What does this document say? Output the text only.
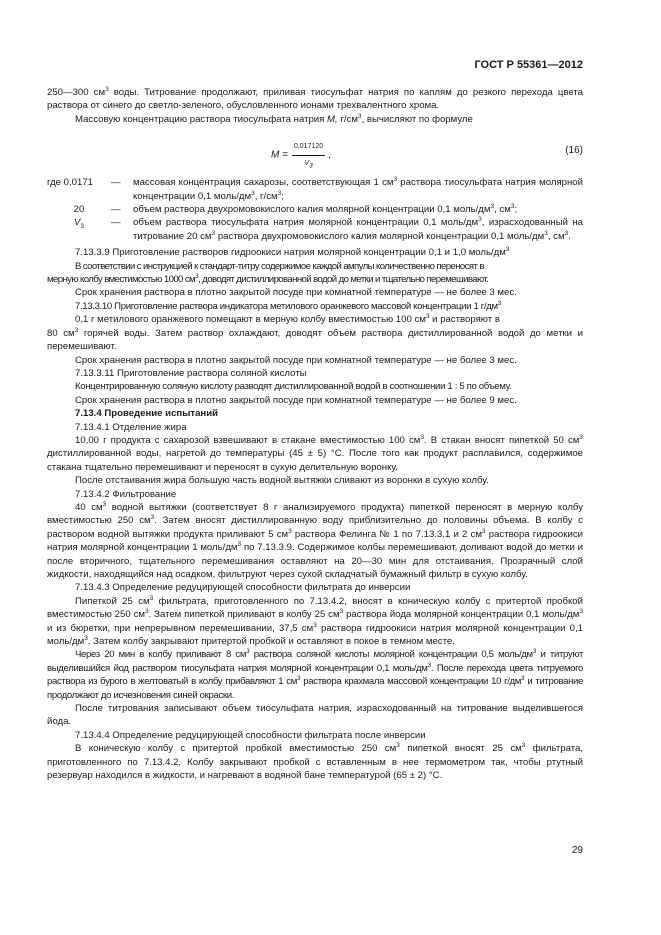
ГОСТ Р 55361—2012

250—300 $см^3$ воды. Титрование продолжают, приливая тиосульфат натрия по каплям до резкого перехода цвета раствора от синего до светло-зеленого, обусловленного ионами трехвалентного хрома.

Массовую концентрацию раствора тиосульфата натрия М, $г/см^3$, вычисляют по формуле

$M = \frac{0,017120}{V_3}$ ,	(16)
где 0,0171	—	массовая концентрация сахарозы, соответствующая 1 $см^3$ раствора тиосульфата натрия молярной концентрации 0,1 моль/$дм^3$, $г/см^3$;
20	—	объем раствора двухромовокислого калия молярной концентрации 0,1 моль/$дм^3$, $см^3$;
$V_3$	—	объем раствора тиосульфата натрия молярной концентрации 0,1 моль/$дм^3$, израсходованный на титрование 20 $см^3$ раствора двухромовокислого калия молярной концентрации 0,1 моль/$дм^3$, $см^3$.

7.13.3.9 Приготовление растворов гидроокиси натрия молярной концентрации 0,1 и 1,0 моль/$дм^3$

В соответствии с инструкцией к стандарт-титру содержимое каждой ампулы количественно переносят в

мерную колбу вместимостью 1000 $см^3$, доводят дистиллированной водой до метки и тщательно перемешивают.

Срок хранения раствора в плотно закрытой посуде при комнатной температуре — не более 3 мес.

7.13.3.10 Приготовление раствора индикатора метилового оранжевого массовой концентрации 1 $г/дм^3$

0,1 г метилового оранжевого помещают в мерную колбу вместимостью 100 $см^3$ и растворяют в

80 $см^3$ горячей воды. Затем раствор охлаждают, доводят объем раствора дистиллированной водой до метки и перемешивают.

Срок хранения раствора в плотно закрытой посуде при комнатной температуре — не более 3 мес.

7.13.3.11 Приготовление раствора соляной кислоты

Концентрированную соляную кислоту разводят дистиллированной водой в соотношении 1 : 5 по объему.

Срок хранения раствора в плотно закрытой посуде при комнатной температуре — не более 9 мес.

7.13.4 Проведение испытаний

7.13.4.1 Отделение жира

10,00 г продукта с сахарозой взвешивают в стакане вместимостью 100 $см^3$. В стакан вносят пипеткой 50 $см^3$ дистиллированной воды, нагретой до температуры (45 ± 5) °С. После того как продукт расплавился, содержимое стакана тщательно перемешивают и переносят в сухую делительную воронку.

После отстаивания жира большую часть водной вытяжки сливают из воронки в сухую колбу.

7.13.4.2 Фильтрование

40 $см^3$ водной вытяжки (соответствует 8 г анализируемого продукта) пипеткой переносят в мерную колбу вместимостью 250 $см^3$. Затем вносят дистиллированную воду приблизительно до половины объема. В колбу с раствором водной вытяжки продукта приливают 5 $см^3$ раствора Фелинга № 1 по 7.13.3.1 и 2 $см^3$ раствора гидроокиси натрия молярной концентрации 1 моль/$дм^3$ по 7.13.3.9. Содержимое колбы перемешивают, доливают водой до метки и после вторичного, тщательного перемешивания оставляют на 20—30 мин для отстаивания. Прозрачный слой жидкости, находящийся над осадком, фильтруют через сухой складчатый бумажный фильтр в сухую колбу.

7.13.4.3 Определение редуцирующей способности фильтрата до инверсии

Пипеткой 25 $см^3$ фильтрата, приготовленного по 7.13.4.2, вносят в коническую колбу с притертой пробкой вместимостью 250 $см^3$. Затем пипеткой приливают в колбу 25 $см^3$ раствора йода молярной концентрации 0,1 моль/$дм^3$ и из бюретки, при непрерывном перемешивании, 37,5 $см^3$ раствора гидроокиси натрия молярной концентрации 0,1 моль/$дм^3$. Затем колбу закрывают притертой пробкой и оставляют в покое в темном месте.

Через 20 мин в колбу приливают 8 $см^3$ раствора соляной кислоты молярной концентрации 0,5 моль/$дм^3$ и титруют выделившийся йод раствором тиосульфата натрия молярной концентрации 0,1 моль/$дм^3$. После перехода цвета титруемого раствора из бурого в желтоватый в колбу прибавляют 1 $см^3$ раствора крахмала массовой концентрации 10 $г/дм^3$ и титрование продолжают до исчезновения синей окраски.

После титрования записывают объем тиосульфата натрия, израсходованный на титрование выделившегося йода.

7.13.4.4 Определение редуцирующей способности фильтрата после инверсии

В коническую колбу с притертой пробкой вместимостью 250 $см^3$ пипеткой вносят 25 $см^3$ фильтрата, приготовленного по 7.13.4.2. Колбу закрывают пробкой с вставленным в нее термометром так, чтобы ртутный резервуар находился в жидкости, и нагревают в водяной бане температурой (65 ± 2) °С.

29
